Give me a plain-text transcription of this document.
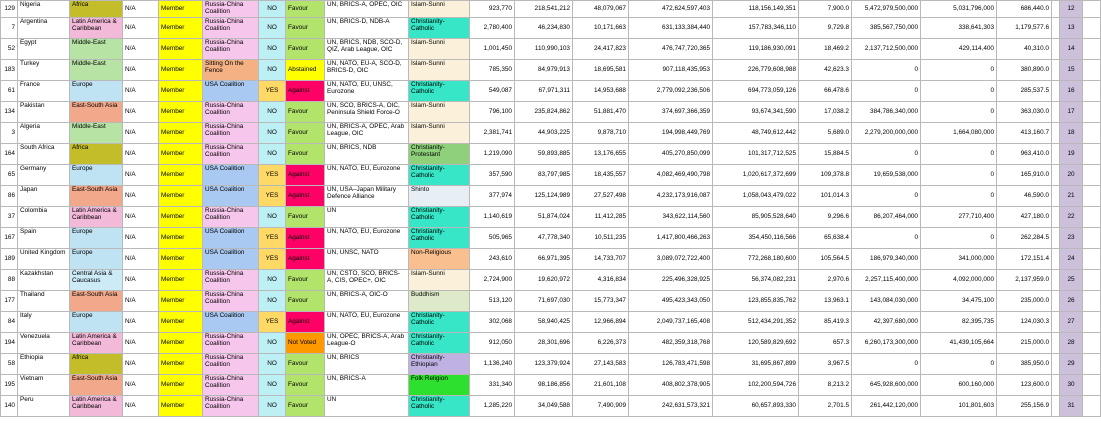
129	Nigeria	Africa	N/A	Member	Russia-China Coalition	NO	Favour	UN, BRICS-A, OPEC, OIC	Islam-Sunni	923,770	218,541,212	48,079,067	472,624,597,403	118,156,149,351	7,900.0	5,472,979,500,000	5,031,796,000	686,440.0		12	
7	Argentina	Latin America & Caribbean	N/A	Member	Russia-China Coalition	NO	Favour	UN, BRICS-D, NDB-A	Christianity-Catholic	2,780,400	46,234,830	10,171,663	631,133,384,440	157,783,346,110	9,729.8	385,567,750,000	338,641,303	1,179,577.6		13	
52	Egypt	Middle-East	N/A	Member	Russia-China Coalition	NO	Favour	UN, BRICS, NDB, SCO-D, QIZ, Arab League, OIC	Islam-Sunni	1,001,450	110,990,103	24,417,823	476,747,720,365	119,186,930,091	18,469.2	2,137,712,500,000	429,114,400	40,310.0		14	
183	Turkey	Middle-East	N/A	Member	Sitting On the Fence	NO	Abstained	UN, NATO, EU-A, SCO-D, BRICS-D, OIC	Islam-Sunni	785,350	84,979,913	18,695,581	907,118,435,953	226,779,608,988	42,623.3	0	0	380,890.0		15	
61	France	Europe	N/A	Member	USA Coalition	YES	Against	UN, NATO, EU, UNSC, Eurozone	Christianity-Catholic	549,087	67,971,311	14,953,688	2,779,092,236,506	694,773,059,126	66,478.6	0	0	285,537.5		16	
134	Pakistan	East-South Asia	N/A	Member	Russia-China Coalition	NO	Favour	UN, SCO, BRICS-A, OIC, Peninsula Shield Force-O	Islam-Sunni	796,100	235,824,862	51,881,470	374,697,366,359	93,674,341,590	17,038.2	384,786,340,000	0	363,030.0		17	
3	Algeria	Middle-East	N/A	Member	Russia-China Coalition	NO	Favour	UN, BRICS-A, OPEC, Arab League, OIC	Islam-Sunni	2,381,741	44,903,225	9,878,710	194,998,449,769	48,749,612,442	5,689.0	2,279,200,000,000	1,664,080,000	413,160.7		18	
164	South Africa	Africa	N/A	Member	Russia-China Coalition	NO	Favour	UN, BRICS, NDB	Christianity-Protestant	1,219,090	59,893,885	13,176,655	405,270,850,099	101,317,712,525	15,884.5	0	0	963,410.0		19	
65	Germany	Europe	N/A	Member	USA Coalition	YES	Against	UN, NATO, EU, Eurozone	Christianity-Catholic	357,590	83,797,985	18,435,557	4,082,469,490,798	1,020,617,372,699	109,378.8	19,659,538,000	0	165,910.0		20	
86	Japan	East-South Asia	N/A	Member	USA Coalition	YES	Against	UN, USA–Japan Military Defence Alliance	Shinto	377,974	125,124,989	27,527,498	4,232,173,916,087	1,058,043,479,022	101,014.3	0	0	46,590.0		21	
37	Colombia	Latin America & Caribbean	N/A	Member	Russia-China Coalition	NO	Favour	UN	Christianity-Catholic	1,140,619	51,874,024	11,412,285	343,622,114,560	85,905,528,640	9,296.6	86,207,464,000	277,710,400	427,180.0		22	
167	Spain	Europe	N/A	Member	USA Coalition	YES	Against	UN, NATO, EU, Eurozone	Christianity-Catholic	505,965	47,778,340	10,511,235	1,417,800,466,263	354,450,116,566	65,638.4	0	0	262,284.5		23	
189	United Kingdom	Europe	N/A	Member	USA Coalition	YES	Against	UN, UNSC, NATO	Non-Religious	243,610	66,971,395	14,733,707	3,089,072,722,400	772,268,180,600	105,564.5	186,979,340,000	341,000,000	172,151.4		24	
88	Kazakhstan	Central Asia & Caucasus	N/A	Member	Russia-China Coalition	NO	Favour	UN, CSTO, SCO, BRICS-A, CIS, OPEC+, OIC	Islam-Sunni	2,724,900	19,620,972	4,316,834	225,496,328,925	56,374,082,231	2,970.6	2,257,115,400,000	4,092,000,000	2,137,959.0		25	
177	Thailand	East-South Asia	N/A	Member	Russia-China Coalition	NO	Favour	UN, BRICS-A, OIC-O	Buddhism	513,120	71,697,030	15,773,347	495,423,343,050	123,855,835,762	13,963.1	143,084,030,000	34,475,100	235,000.0		26	
84	Italy	Europe	N/A	Member	USA Coalition	YES	Against	UN, NATO, EU, Eurozone	Christianity-Catholic	302,068	58,940,425	12,966,894	2,049,737,165,408	512,434,291,352	85,419.3	42,397,680,000	82,395,735	124,030.3		27	
194	Venezuela	Latin America & Caribbean	N/A	Member	Russia-China Coalition	NO	Not Voted	UN, OPEC, BRICS-A, Arab League-O	Christianity-Catholic	912,050	28,301,696	6,226,373	482,359,318,768	120,589,829,692	657.3	6,260,173,300,000	41,439,105,664	215,000.0		28	
58	Ethiopia	Africa	N/A	Member	Russia-China Coalition	NO	Favour	UN, BRICS	Christianity-Ethiopian	1,136,240	123,379,924	27,143,583	126,783,471,598	31,695,867,899	3,967.5	0	0	385,950.0		29	
195	Vietnam	East-South Asia	N/A	Member	Russia-China Coalition	NO	Favour	UN, BRICS-A	Folk Religion	331,340	98,186,856	21,601,108	408,802,378,905	102,200,594,726	8,213.2	645,928,600,000	600,160,000	123,600.0		30	
140	Peru	Latin America & Caribbean	N/A	Member	Russia-China Coalition	NO	Favour	UN	Christianity-Catholic	1,285,220	34,049,588	7,490,909	242,631,573,321	60,657,893,330	2,701.5	261,442,120,000	101,801,603	255,156.9		31	
